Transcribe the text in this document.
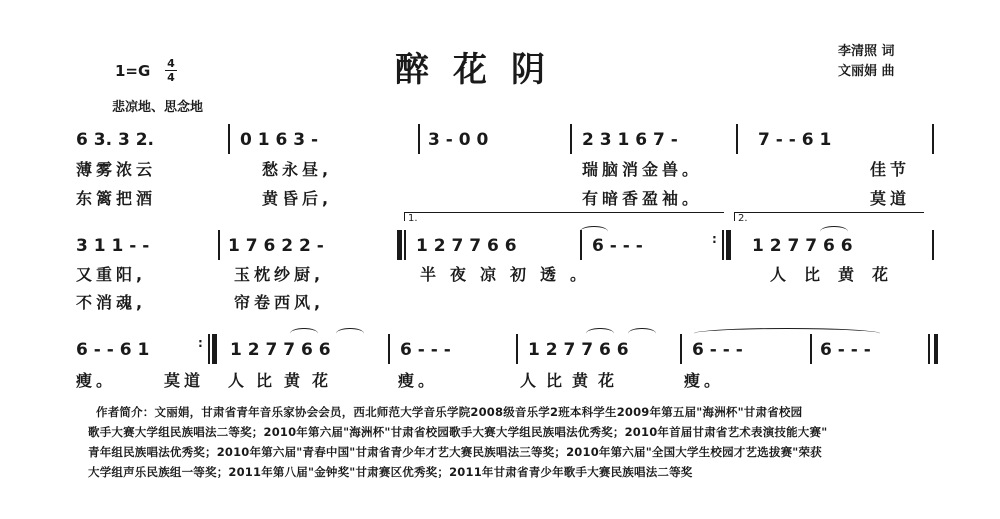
醉花阴
1=G 4
4
李清照 词
文丽娟 曲
悲凉地、思念地
6 3. 3 2.	0 1 6 3 -	3 - 0 0	2 3 1 6 7 -	7 - - 6 1
薄雾浓云	愁永昼,	瑞脑消金兽。	佳节
东篱把酒	黄昏后,	有暗香盈袖。	莫道
1.	2.
3 1 1 - -	1 7 6 2 2 -	1 2 7 7 6 6	6 - - -	: 1 2 7 7 6 6
又重阳,	玉枕纱厨,	半夜凉初透。	人比黄花
不消魂,	帘卷西风,
6 - - 6 1	: 1 2 7 7 6 6	6 - - -	1 2 7 7 6 6	6 - - -	6 - - -
瘦。	莫道 人比黄花	瘦。	人比黄花	瘦。
作者简介：文丽娟，甘肃省青年音乐家协会会员，西北师范大学音乐学院2008级音乐学2班本科学生2009年第五届"海洲杯"甘肃省校园
歌手大赛大学组民族唱法二等奖；2010年第六届"海洲杯"甘肃省校园歌手大赛大学组民族唱法优秀奖；2010年首届甘肃省艺术表演技能大赛"
青年组民族唱法优秀奖；2010年第六届"青春中国"甘肃省青少年才艺大赛民族唱法三等奖；2010年第六届"全国大学生校园才艺选拔赛"荣获
大学组声乐民族组一等奖；2011年第八届"金钟奖"甘肃赛区优秀奖；2011年甘肃省青少年歌手大赛民族唱法二等奖
